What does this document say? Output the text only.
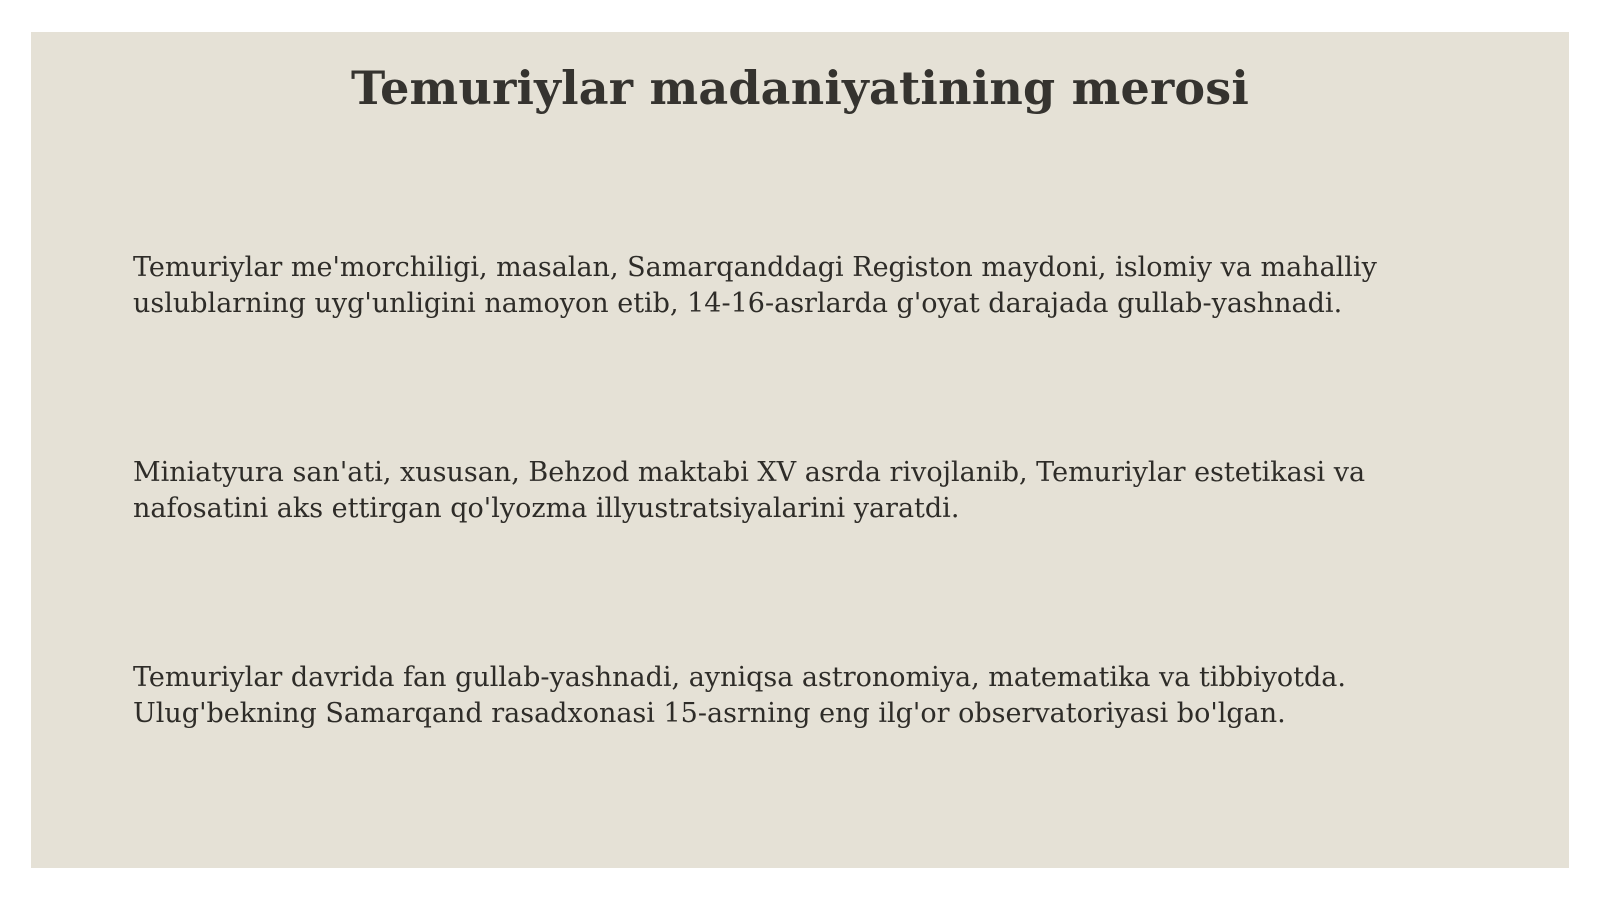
Temuriylar madaniyatining merosi

Temuriylar me'morchiligi, masalan, Samarqanddagi Registon maydoni, islomiy va mahalliy uslublarning uyg'unligini namoyon etib, 14-16-asrlarda g'oyat darajada gullab-yashnadi.

Miniatyura san'ati, xususan, Behzod maktabi XV asrda rivojlanib, Temuriylar estetikasi va nafosatini aks ettirgan qo'lyozma illyustratsiyalarini yaratdi.

Temuriylar davrida fan gullab-yashnadi, ayniqsa astronomiya, matematika va tibbiyotda. Ulug'bekning Samarqand rasadxonasi 15-asrning eng ilg'or observatoriyasi bo'lgan.
